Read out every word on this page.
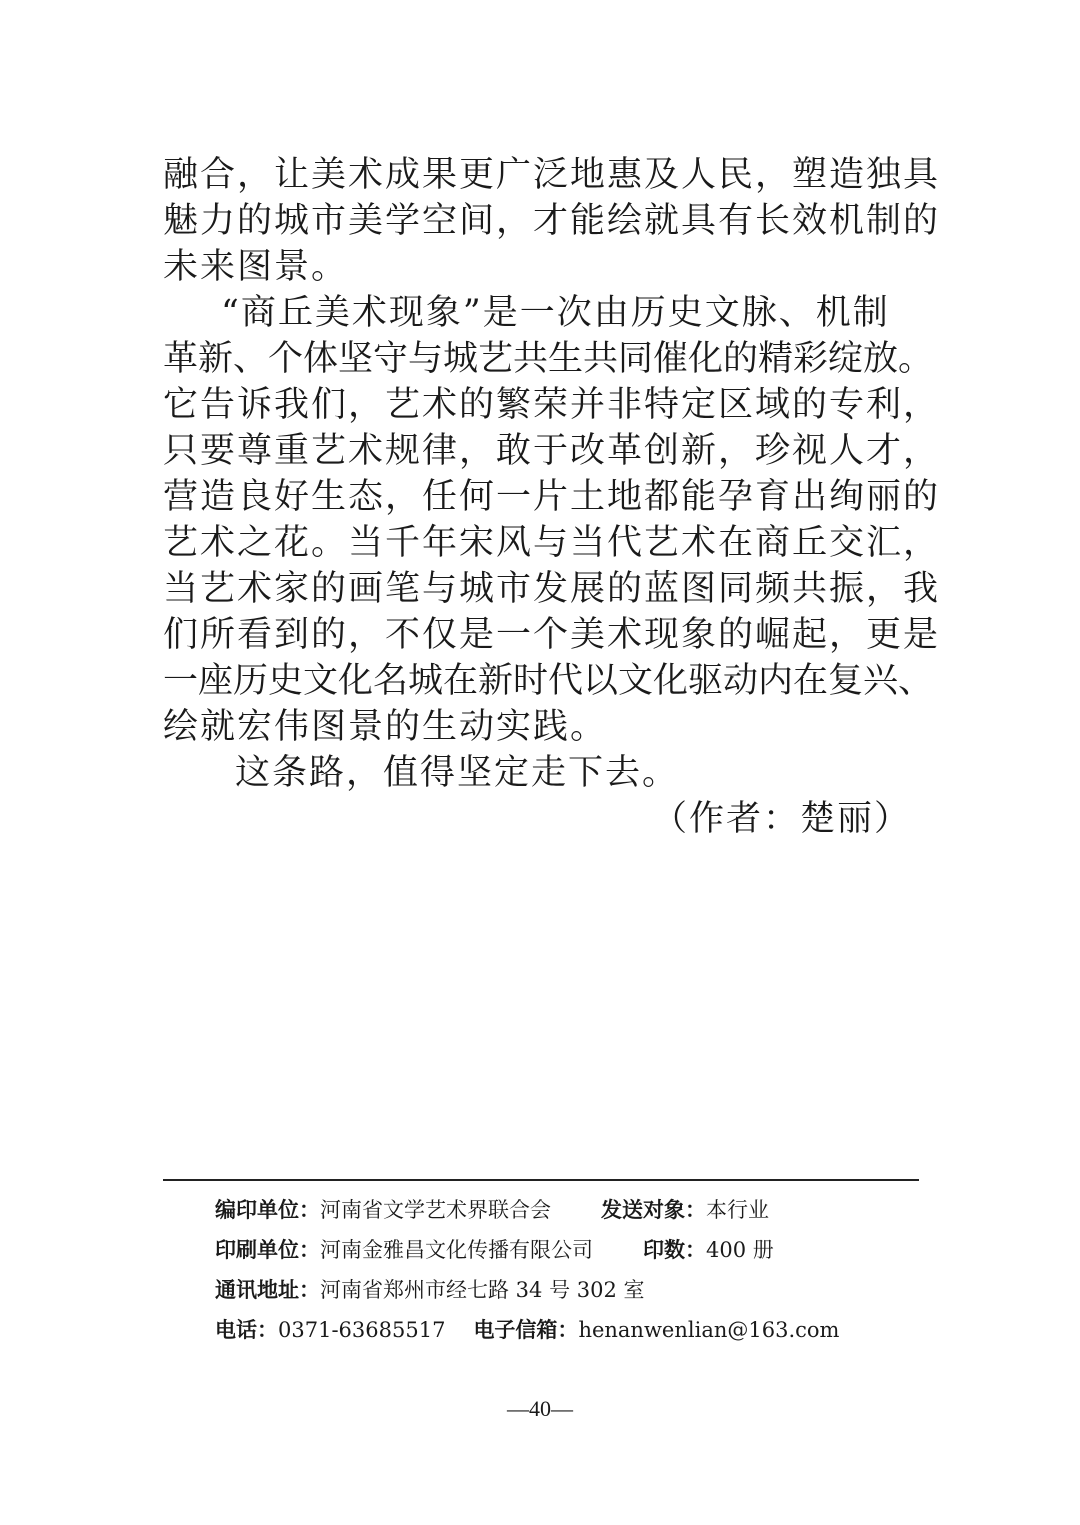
融合，让美术成果更广泛地惠及人民，塑造独具
魅力的城市美学空间，才能绘就具有长效机制的
未来图景。
“商丘美术现象”是一次由历史文脉、机制
革新、个体坚守与城艺共生共同催化的精彩绽放。
它告诉我们，艺术的繁荣并非特定区域的专利，
只要尊重艺术规律，敢于改革创新，珍视人才，
营造良好生态，任何一片土地都能孕育出绚丽的
艺术之花。当千年宋风与当代艺术在商丘交汇，
当艺术家的画笔与城市发展的蓝图同频共振，我
们所看到的，不仅是一个美术现象的崛起，更是
一座历史文化名城在新时代以文化驱动内在复兴、
绘就宏伟图景的生动实践。
这条路，值得坚定走下去。
（作者：楚丽）
编印单位：河南省文学艺术界联合会 发送对象：本行业
印刷单位：河南金雅昌文化传播有限公司 印数：400 册
通讯地址：河南省郑州市经七路 34 号 302 室
电话：0371-63685517 电子信箱：henanwenlian@163.com
—40—
